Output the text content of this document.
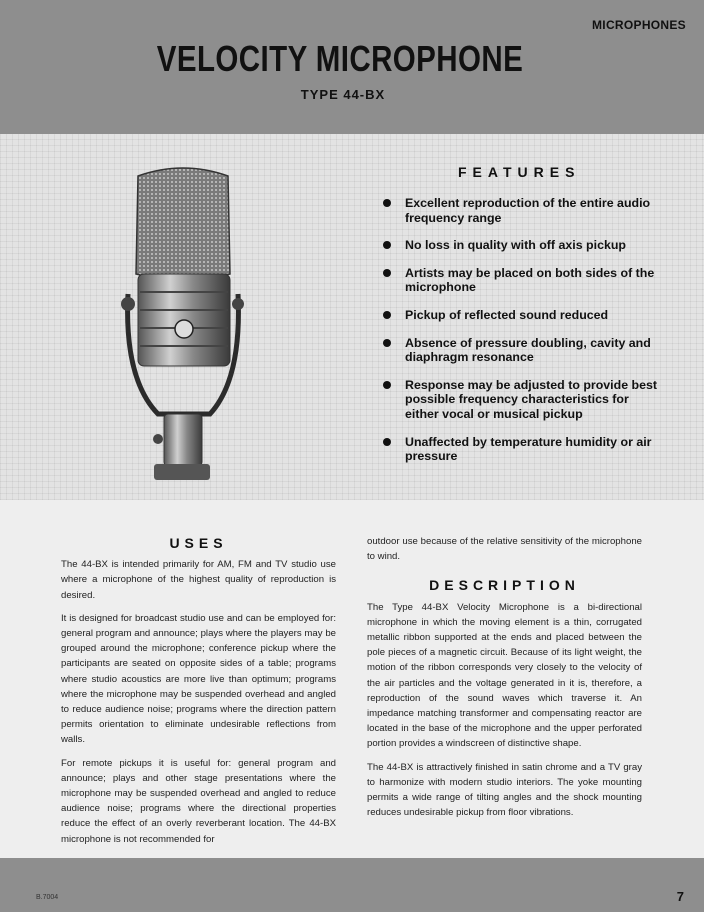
MICROPHONES
VELOCITY MICROPHONE
TYPE 44-BX
FEATURES
Excellent reproduction of the entire audio frequency range
No loss in quality with off axis pickup
Artists may be placed on both sides of the microphone
Pickup of reflected sound reduced
Absence of pressure doubling, cavity and diaphragm resonance
Response may be adjusted to provide best possible frequency characteristics for either vocal or musical pickup
Unaffected by temperature humidity or air pressure
USES

The 44-BX is intended primarily for AM, FM and TV studio use where a microphone of the highest quality of reproduction is desired.

It is designed for broadcast studio use and can be employed for: general program and announce; plays where the players may be grouped around the microphone; conference pickup where the participants are seated on opposite sides of a table; programs where studio acoustics are more live than optimum; programs where the microphone may be suspended overhead and angled to reduce audience noise; programs where the direction pattern permits orientation to eliminate undesirable reflections from walls.

For remote pickups it is useful for: general program and announce; plays and other stage presentations where the microphone may be suspended overhead and angled to reduce audience noise; programs where the directional properties reduce the effect of an overly reverberant location. The 44-BX microphone is not recommended for

outdoor use because of the relative sensitivity of the microphone to wind.

DESCRIPTION

The Type 44-BX Velocity Microphone is a bi-directional microphone in which the moving element is a thin, corrugated metallic ribbon supported at the ends and placed between the pole pieces of a magnetic circuit. Because of its light weight, the motion of the ribbon corresponds very closely to the velocity of the air particles and the voltage generated in it is, therefore, a reproduction of the sound waves which traverse it. An impedance matching transformer and compensating reactor are located in the base of the microphone and the upper perforated portion provides a windscreen of distinctive shape.

The 44-BX is attractively finished in satin chrome and a TV gray to harmonize with modern studio interiors. The yoke mounting permits a wide range of tilting angles and the shock mounting reduces undesirable pickup from floor vibrations.

B.7004	7
